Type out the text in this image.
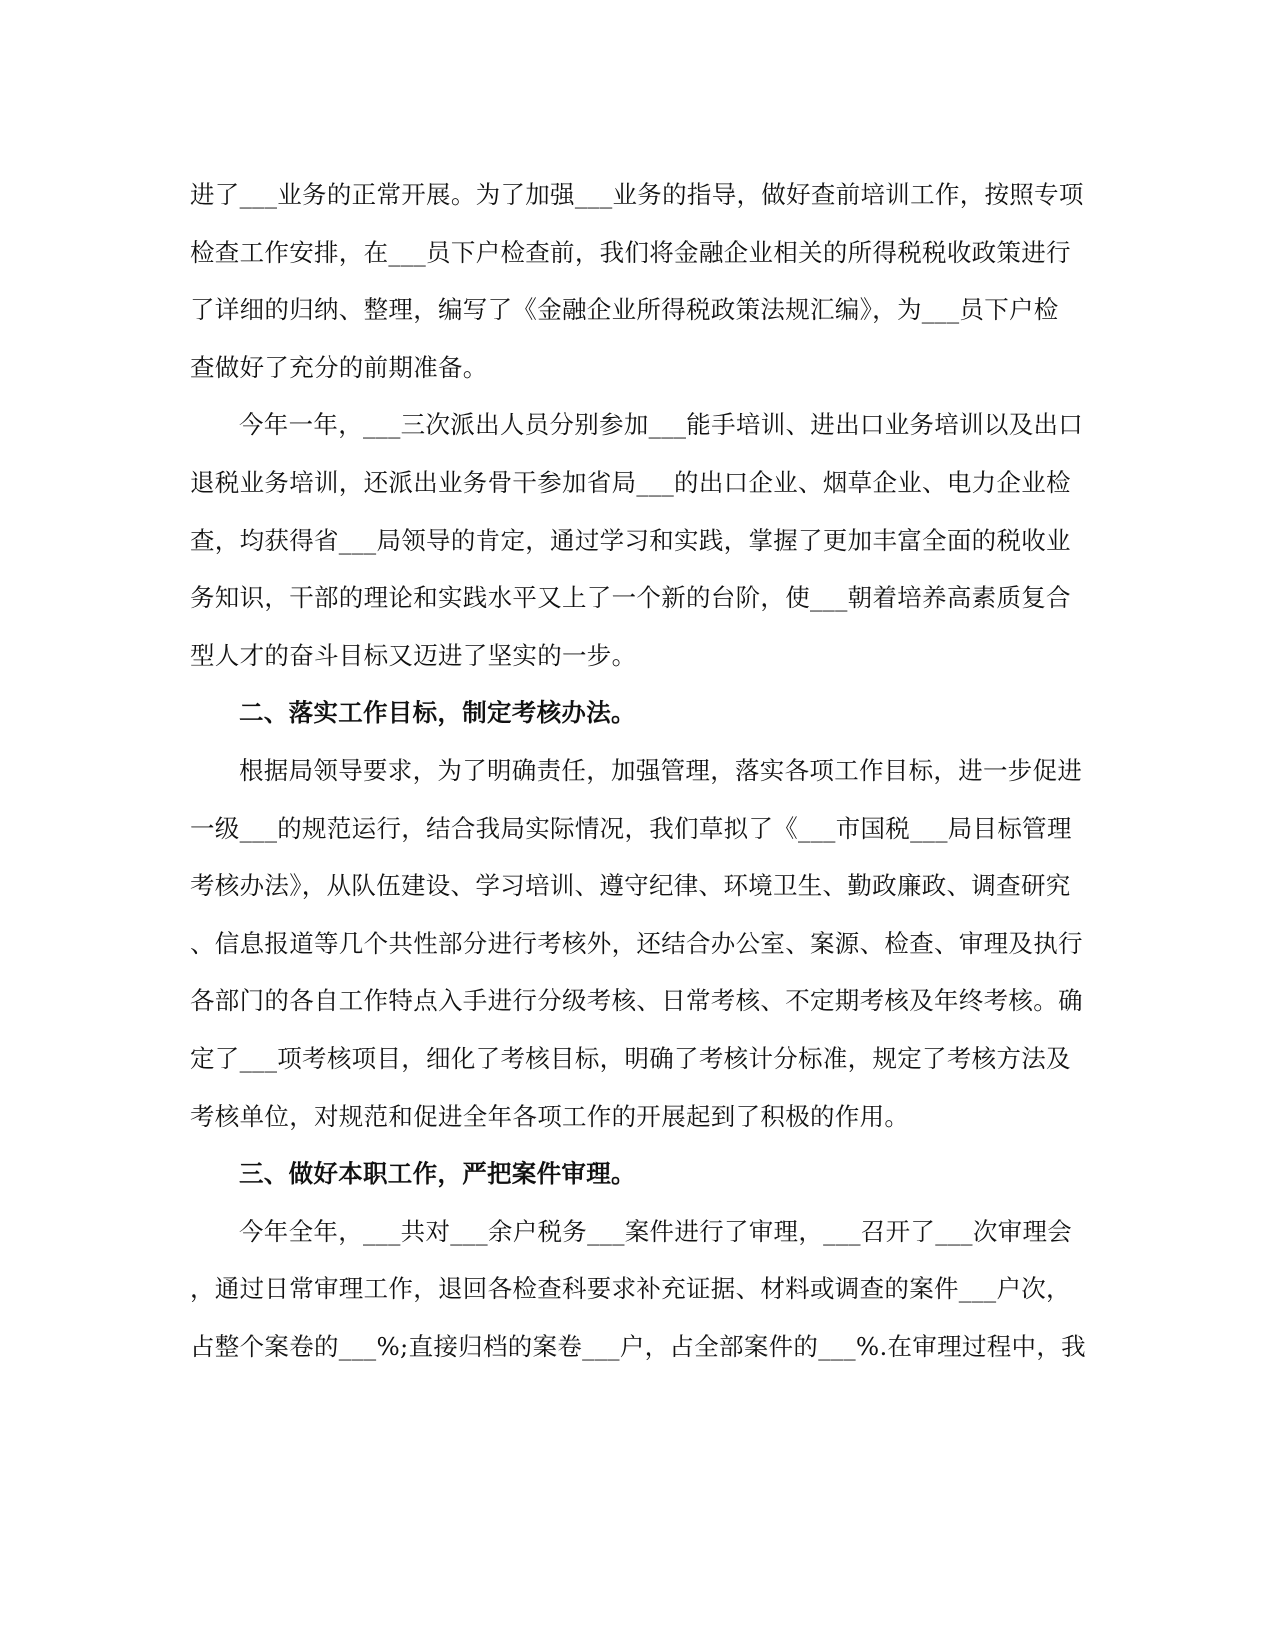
进了___业务的正常开展。为了加强___业务的指导，做好查前培训工作，按照专项
检查工作安排，在___员下户检查前，我们将金融企业相关的所得税税收政策进行
了详细的归纳、整理，编写了《金融企业所得税政策法规汇编》，为___员下户检
查做好了充分的前期准备。
今年一年，___三次派出人员分别参加___能手培训、进出口业务培训以及出口
退税业务培训，还派出业务骨干参加省局___的出口企业、烟草企业、电力企业检
查，均获得省___局领导的肯定，通过学习和实践，掌握了更加丰富全面的税收业
务知识，干部的理论和实践水平又上了一个新的台阶，使___朝着培养高素质复合
型人才的奋斗目标又迈进了坚实的一步。
二、落实工作目标，制定考核办法。
根据局领导要求，为了明确责任，加强管理，落实各项工作目标，进一步促进
一级___的规范运行，结合我局实际情况，我们草拟了《___市国税___局目标管理
考核办法》，从队伍建设、学习培训、遵守纪律、环境卫生、勤政廉政、调查研究
、信息报道等几个共性部分进行考核外，还结合办公室、案源、检查、审理及执行
各部门的各自工作特点入手进行分级考核、日常考核、不定期考核及年终考核。确
定了___项考核项目，细化了考核目标，明确了考核计分标准，规定了考核方法及
考核单位，对规范和促进全年各项工作的开展起到了积极的作用。
三、做好本职工作，严把案件审理。
今年全年，___共对___余户税务___案件进行了审理，___召开了___次审理会
，通过日常审理工作，退回各检查科要求补充证据、材料或调查的案件___户次，
占整个案卷的___%;直接归档的案卷___户，占全部案件的___%.在审理过程中，我
